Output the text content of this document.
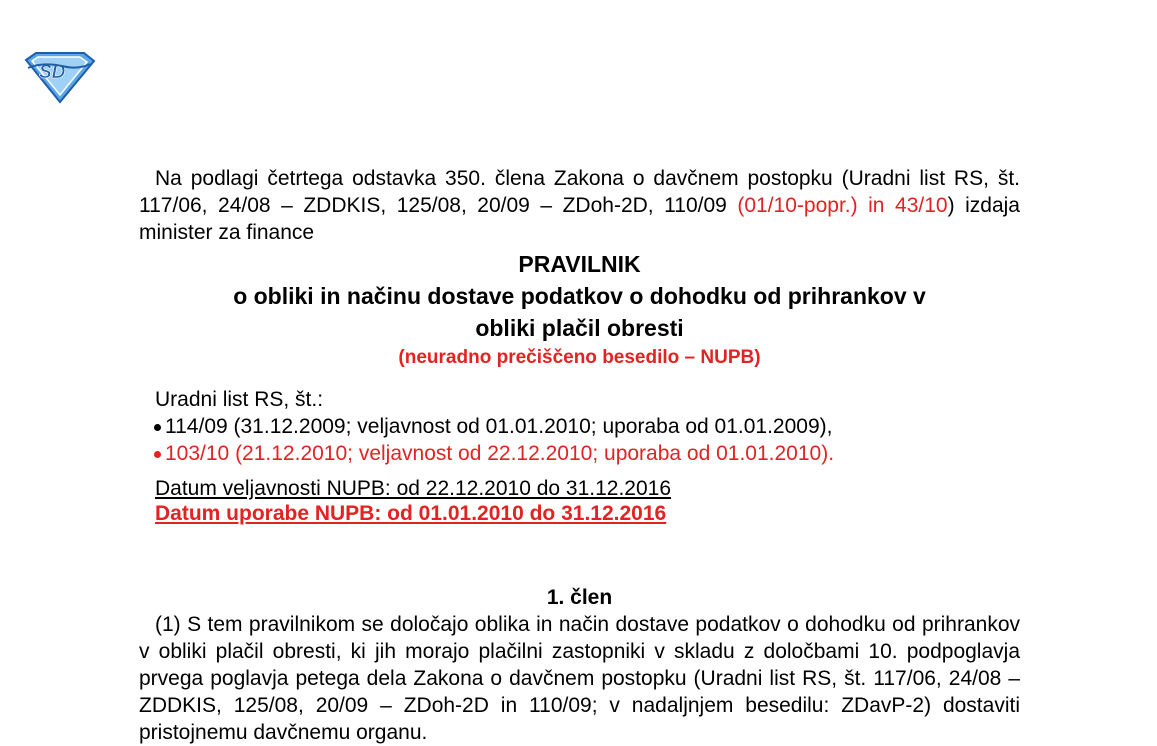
SD
Na podlagi četrtega odstavka 350. člena Zakona o davčnem postopku (Uradni list RS, št. 117/06, 24/08 – ZDDKIS, 125/08, 20/09 – ZDoh-2D, 110/09 (01/10-popr.) in 43/10) izdaja minister za finance
PRAVILNIK
o obliki in načinu dostave podatkov o dohodku od prihrankov v
obliki plačil obresti
(neuradno prečiščeno besedilo – NUPB)
Uradni list RS, št.:
114/09 (31.12.2009; veljavnost od 01.01.2010; uporaba od 01.01.2009),
103/10 (21.12.2010; veljavnost od 22.12.2010; uporaba od 01.01.2010).
Datum veljavnosti NUPB: od 22.12.2010 do 31.12.2016
Datum uporabe NUPB: od 01.01.2010 do 31.12.2016
1. člen
(1) S tem pravilnikom se določajo oblika in način dostave podatkov o dohodku od prihrankov v obliki plačil obresti, ki jih morajo plačilni zastopniki v skladu z določbami 10. podpoglavja prvega poglavja petega dela Zakona o davčnem postopku (Uradni list RS, št. 117/06, 24/08 – ZDDKIS, 125/08, 20/09 – ZDoh-2D in 110/09; v nadaljnjem besedilu: ZDavP-2) dostaviti pristojnemu davčnemu organu.
